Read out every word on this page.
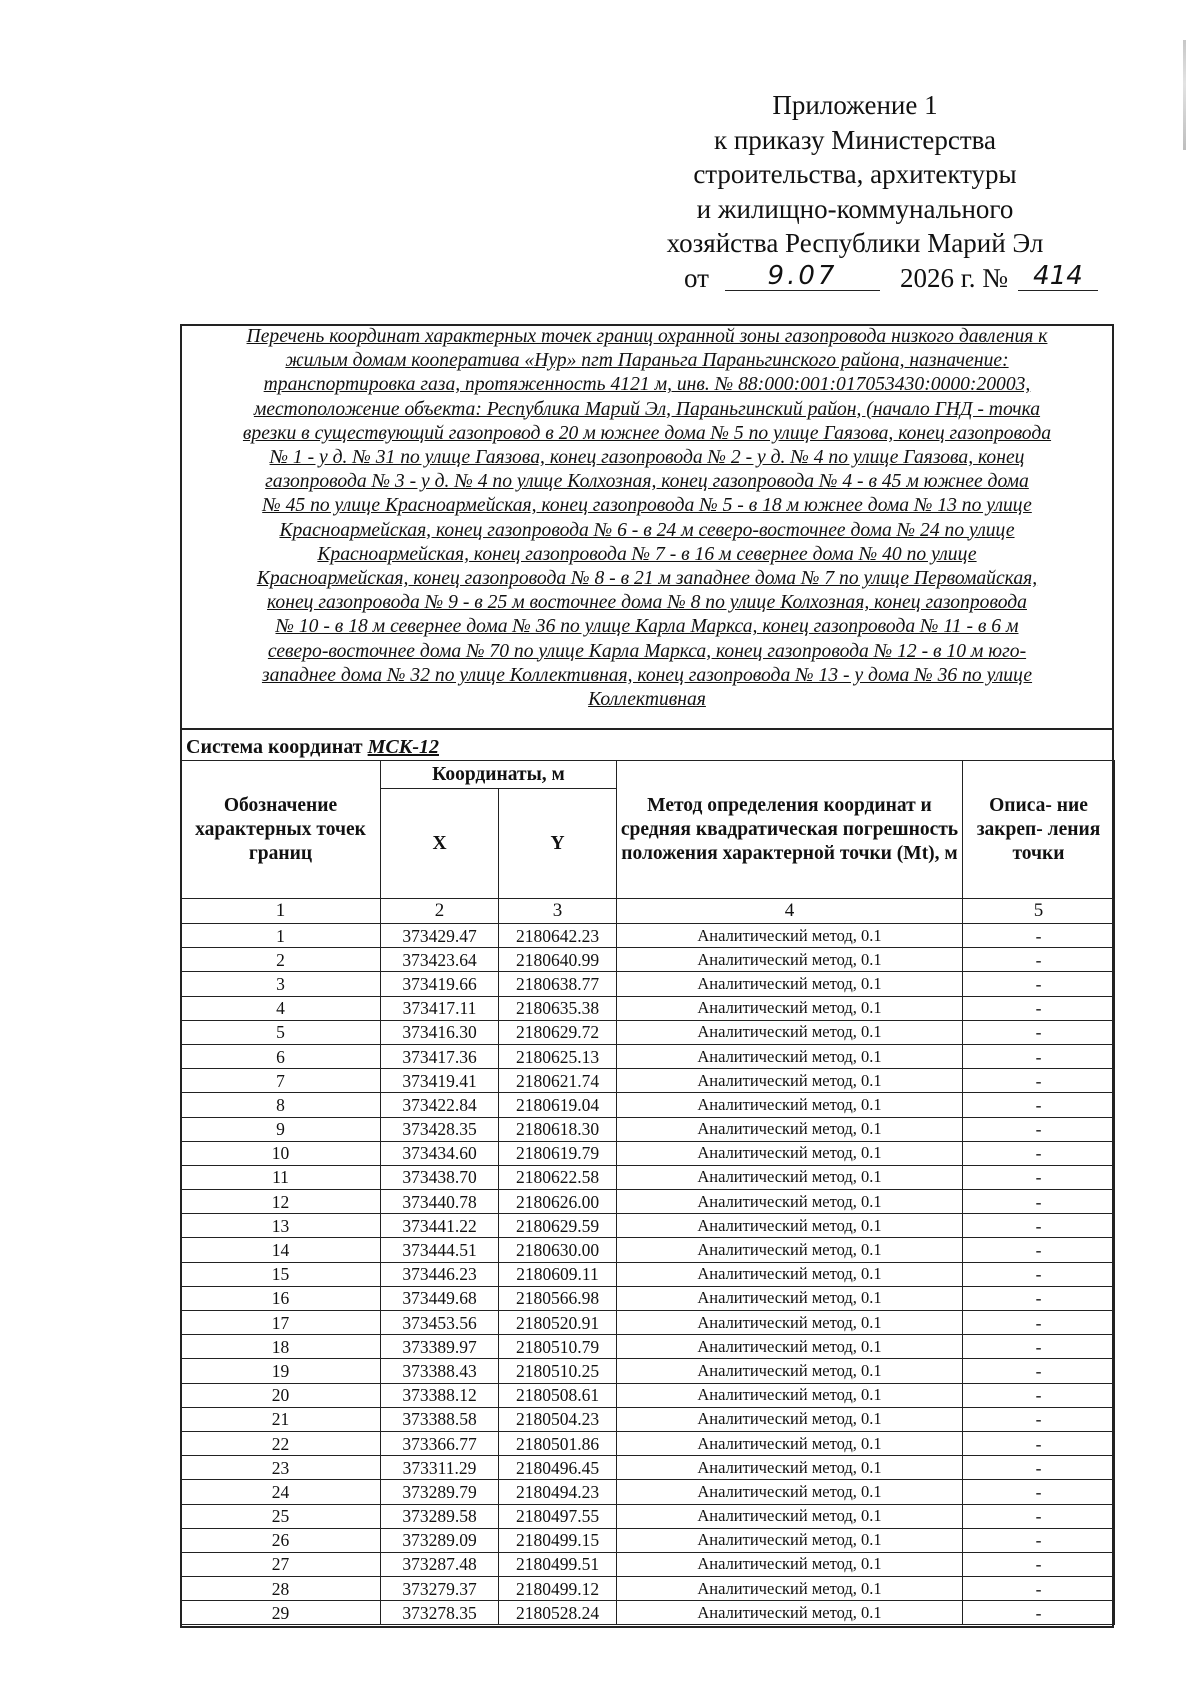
Приложение 1
к приказу Министерства
строительства, архитектуры
и жилищно-коммунального
хозяйства Республики Марий Эл
от	9.07	2026 г. № 414
Перечень координат характерных точек границ охранной зоны газопровода низкого давления к
жилым домам кооператива «Нур» пгт Параньга Параньгинского района, назначение:
транспортировка газа, протяженность 4121 м, инв. № 88:000:001:017053430:0000:20003,
местоположение объекта: Республика Марий Эл, Параньгинский район, (начало ГНД - точка
врезки в существующий газопровод в 20 м южнее дома № 5 по улице Гаязова, конец газопровода
№ 1 - у д. № 31 по улице Гаязова, конец газопровода № 2 - у д. № 4 по улице Гаязова, конец
газопровода № 3 - у д. № 4 по улице Колхозная, конец газопровода № 4 - в 45 м южнее дома
№ 45 по улице Красноармейская, конец газопровода № 5 - в 18 м южнее дома № 13 по улице
Красноармейская, конец газопровода № 6 - в 24 м северо-восточнее дома № 24 по улице
Красноармейская, конец газопровода № 7 - в 16 м севернее дома № 40 по улице
Красноармейская, конец газопровода № 8 - в 21 м западнее дома № 7 по улице Первомайская,
конец газопровода № 9 - в 25 м восточнее дома № 8 по улице Колхозная, конец газопровода
№ 10 - в 18 м севернее дома № 36 по улице Карла Маркса, конец газопровода № 11 - в 6 м
северо-восточнее дома № 70 по улице Карла Маркса, конец газопровода № 12 - в 10 м юго-
западнее дома № 32 по улице Коллективная, конец газопровода № 13 - у дома № 36 по улице
Коллективная
Система координат МСК-12
Обозначение характерных точек границ	Координаты, м		Метод определения координат и средняя квадратическая погрешность положения характерной точки (Mt), м	Описа- ние закреп- ления точки
	X	Y		
1	2	3	4	5
1	373429.47	2180642.23	Аналитический метод, 0.1	-
2	373423.64	2180640.99	Аналитический метод, 0.1	-
3	373419.66	2180638.77	Аналитический метод, 0.1	-
4	373417.11	2180635.38	Аналитический метод, 0.1	-
5	373416.30	2180629.72	Аналитический метод, 0.1	-
6	373417.36	2180625.13	Аналитический метод, 0.1	-
7	373419.41	2180621.74	Аналитический метод, 0.1	-
8	373422.84	2180619.04	Аналитический метод, 0.1	-
9	373428.35	2180618.30	Аналитический метод, 0.1	-
10	373434.60	2180619.79	Аналитический метод, 0.1	-
11	373438.70	2180622.58	Аналитический метод, 0.1	-
12	373440.78	2180626.00	Аналитический метод, 0.1	-
13	373441.22	2180629.59	Аналитический метод, 0.1	-
14	373444.51	2180630.00	Аналитический метод, 0.1	-
15	373446.23	2180609.11	Аналитический метод, 0.1	-
16	373449.68	2180566.98	Аналитический метод, 0.1	-
17	373453.56	2180520.91	Аналитический метод, 0.1	-
18	373389.97	2180510.79	Аналитический метод, 0.1	-
19	373388.43	2180510.25	Аналитический метод, 0.1	-
20	373388.12	2180508.61	Аналитический метод, 0.1	-
21	373388.58	2180504.23	Аналитический метод, 0.1	-
22	373366.77	2180501.86	Аналитический метод, 0.1	-
23	373311.29	2180496.45	Аналитический метод, 0.1	-
24	373289.79	2180494.23	Аналитический метод, 0.1	-
25	373289.58	2180497.55	Аналитический метод, 0.1	-
26	373289.09	2180499.15	Аналитический метод, 0.1	-
27	373287.48	2180499.51	Аналитический метод, 0.1	-
28	373279.37	2180499.12	Аналитический метод, 0.1	-
29	373278.35	2180528.24	Аналитический метод, 0.1	-
